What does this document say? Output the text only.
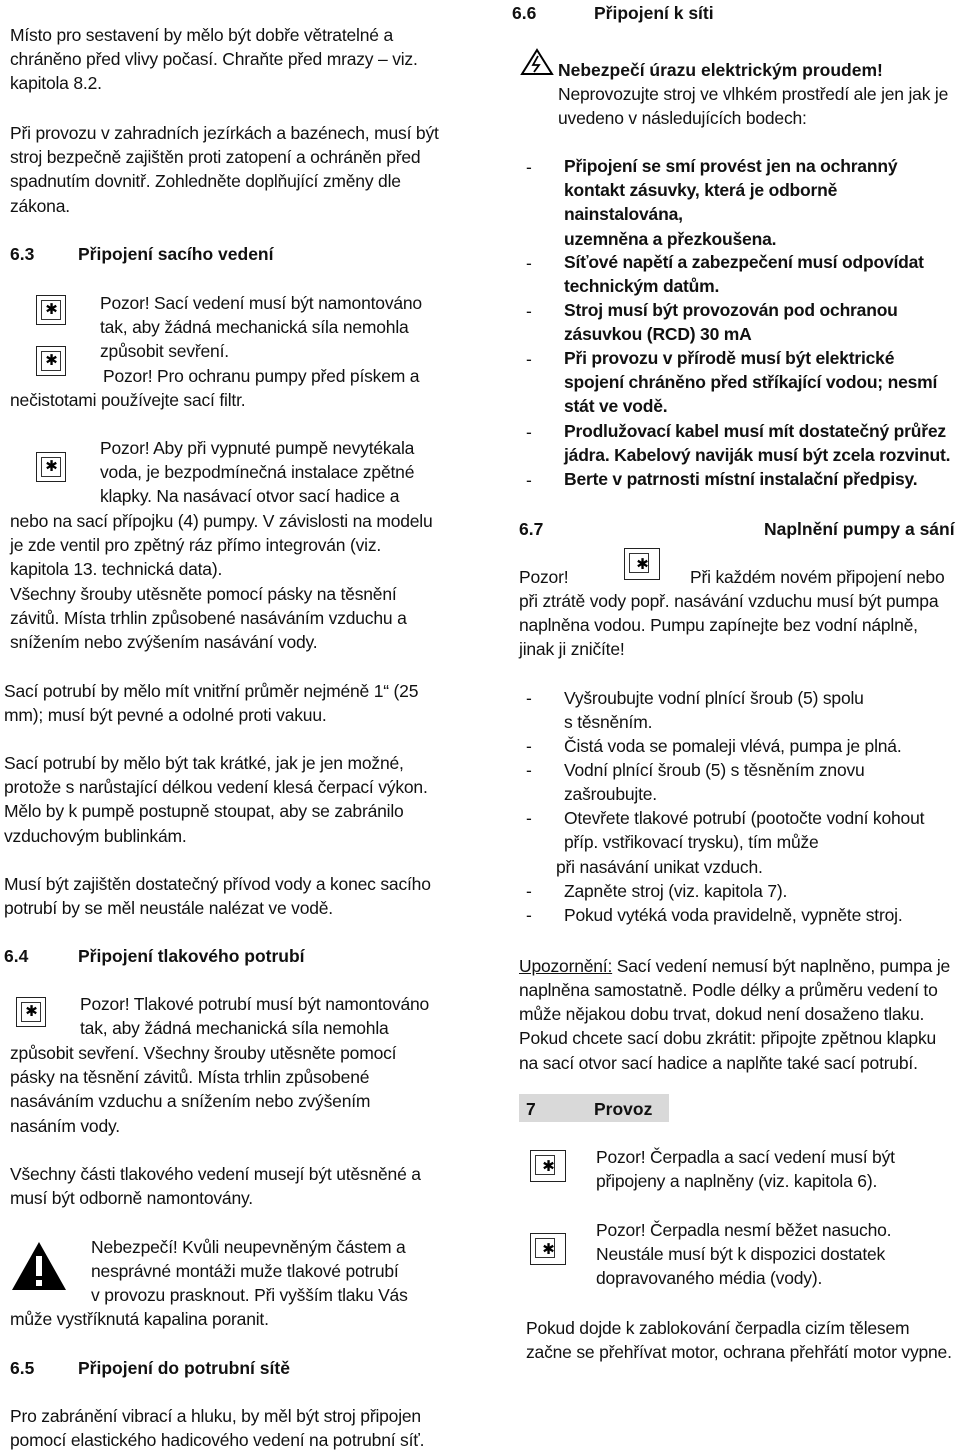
Místo pro sestavení by mělo být dobře větratelné a
chráněno před vlivy počasí. Chraňte před mrazy – viz.
kapitola 8.2.
Při provozu v zahradních jezírkách a bazénech, musí být
stroj bezpečně zajištěn proti zatopení a ochráněn před
spadnutím dovnitř. Zohledněte doplňující změny dle
zákona.
6.3 Připojení sacího vedení
✱ Pozor! Sací vedení musí být namontováno
tak, aby žádná mechanická síla nemohla
způsobit sevření.
✱
Pozor! Pro ochranu pumpy před pískem a
nečistotami používejte sací filtr.
✱
Pozor! Aby při vypnuté pumpě nevytékala
voda, je bezpodmínečná instalace zpětné
klapky. Na nasávací otvor sací hadice a
nebo na sací přípojku (4) pumpy. V závislosti na modelu
je zde ventil pro zpětný ráz přímo integrován (viz.
kapitola 13. technická data).
Všechny šrouby utěsněte pomocí pásky na těsnění
závitů. Místa trhlin způsobené nasáváním vzduchu a
snížením nebo zvýšením nasávání vody.
Sací potrubí by mělo mít vnitřní průměr nejméně 1“ (25
mm); musí být pevné a odolné proti vakuu.
Sací potrubí by mělo být tak krátké, jak je jen možné,
protože s narůstající délkou vedení klesá čerpací výkon.
Mělo by k pumpě postupně stoupat, aby se zabránilo
vzduchovým bublinkám.
Musí být zajištěn dostatečný přívod vody a konec sacího
potrubí by se měl neustále nalézat ve vodě.
6.4	Připojení tlakového potrubí
✱ Pozor! Tlakové potrubí musí být namontováno
tak, aby žádná mechanická síla nemohla
způsobit sevření. Všechny šrouby utěsněte pomocí
pásky na těsnění závitů. Místa trhlin způsobené
nasáváním vzduchu a snížením nebo zvýšením
nasáním vody.
Všechny části tlakového vedení musejí být utěsněné a
musí být odborně namontovány.
Nebezpečí! Kvůli neupevněným částem a
nesprávné montáži muže tlakové potrubí
v provozu prasknout. Při vyšším tlaku Vás
může vystříknutá kapalina poranit.
6.5 Připojení do potrubní sítě
Pro zabránění vibrací a hluku, by měl být stroj připojen
pomocí elastického hadicového vedení na potrubní síť.
6.6	Připojení k síti
Nebezpečí úrazu elektrickým proudem!
Neprovozujte stroj ve vlhkém prostředí ale jen jak je
uvedeno v následujících bodech:
- Připojení se smí provést jen na ochranný
kontakt zásuvky, která je odborně
nainstalována,
uzemněna a přezkoušena.
- Síťové napětí a zabezpečení musí odpovídat
technickým datům.
- Stroj musí být provozován pod ochranou
zásuvkou (RCD) 30 mA
- Při provozu v přírodě musí být elektrické
spojení chráněno před stříkající vodou; nesmí
stát ve vodě.
- Prodlužovací kabel musí mít dostatečný průřez
jádra. Kabelový naviják musí být zcela rozvinut.
- Berte v patrnosti místní instalační předpisy.
6.7	Naplnění pumpy a sání
Pozor!
✱
Při každém novém připojení nebo
při ztrátě vody popř. nasávání vzduchu musí být pumpa
naplněna vodou. Pumpu zapínejte bez vodní náplně,
jinak ji zničíte!
- Vyšroubujte vodní plnící šroub (5) spolu
s těsněním.
- Čistá voda se pomaleji vlévá, pumpa je plná.
- Vodní plnící šroub (5) s těsněním znovu
zašroubujte.
- Otevřete tlakové potrubí (pootočte vodní kohout
příp. vstřikovací trysku), tím může
při nasávání unikat vzduch.
- Zapněte stroj (viz. kapitola 7).
- Pokud vytéká voda pravidelně, vypněte stroj.
Upozornění: Sací vedení nemusí být naplněno, pumpa je
naplněna samostatně. Podle délky a průměru vedení to
může nějakou dobu trvat, dokud není dosaženo tlaku.
Pokud chcete sací dobu zkrátit: připojte zpětnou klapku
na sací otvor sací hadice a naplňte také sací potrubí.
7	Provoz
✱ Pozor! Čerpadla a sací vedení musí být
připojeny a naplněny (viz. kapitola 6).
✱
Pozor! Čerpadla nesmí běžet nasucho.
Neustále musí být k dispozici dostatek
dopravovaného média (vody).
Pokud dojde k zablokování čerpadla cizím tělesem
začne se přehřívat motor, ochrana přehřátí motor vypne.
